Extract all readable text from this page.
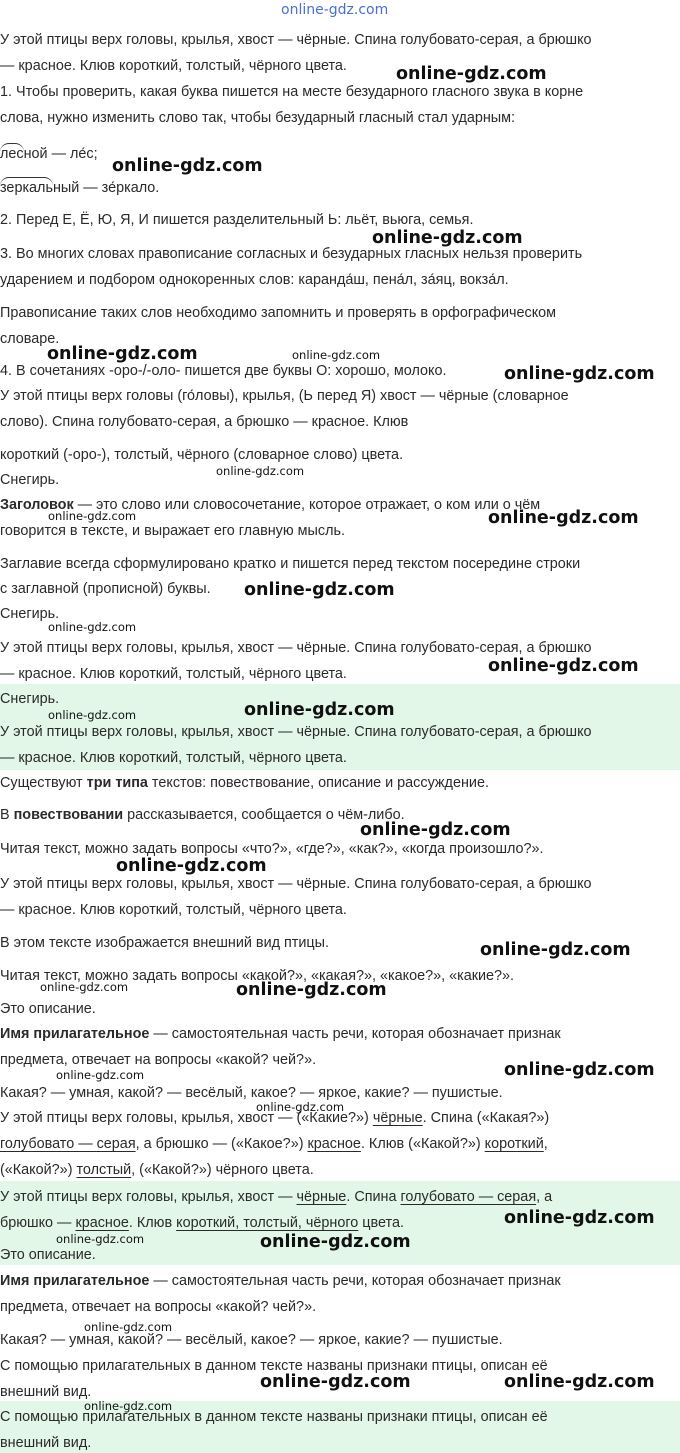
У этой птицы верх головы, крылья, хвост — чёрные. Спина голубовато-серая, а брюшко
— красное. Клюв короткий, толстый, чёрного цвета.
1. Чтобы проверить, какая буква пишется на месте безударного гласного звука в корне
слова, нужно изменить слово так, чтобы безударный гласный стал ударным:
лесной — ле́с;
зеркальный — зе́ркало.
2. Перед Е, Ё, Ю, Я, И пишется разделительный Ь: льёт, вьюга, семья.
3. Во многих словах правописание согласных и безударных гласных нельзя проверить
ударением и подбором однокоренных слов: каранда́ш, пена́л, за́яц, вокза́л.
Правописание таких слов необходимо запомнить и проверять в орфографическом
словаре.
4. В сочетаниях -оро-/-оло- пишется две буквы О: хорошо, молоко.
У этой птицы верх головы (го́ловы), крылья, (Ь перед Я) хвост — чёрные (словарное
слово). Спина голубовато-серая, а брюшко — красное. Клюв
короткий (-оро-), толстый, чёрного (словарное слово) цвета.
Снегирь.
Заголовок — это слово или словосочетание, которое отражает, о ком или о чём
говорится в тексте, и выражает его главную мысль.
Заглавие всегда сформулировано кратко и пишется перед текстом посередине строки
с заглавной (прописной) буквы.
Снегирь.
У этой птицы верх головы, крылья, хвост — чёрные. Спина голубовато-серая, а брюшко
— красное. Клюв короткий, толстый, чёрного цвета.
Снегирь.
У этой птицы верх головы, крылья, хвост — чёрные. Спина голубовато-серая, а брюшко
— красное. Клюв короткий, толстый, чёрного цвета.
Существуют три типа текстов: повествование, описание и рассуждение.
В повествовании рассказывается, сообщается о чём-либо.
Читая текст, можно задать вопросы «что?», «где?», «как?», «когда произошло?».
У этой птицы верх головы, крылья, хвост — чёрные. Спина голубовато-серая, а брюшко
— красное. Клюв короткий, толстый, чёрного цвета.
В этом тексте изображается внешний вид птицы.
Читая текст, можно задать вопросы «какой?», «какая?», «какое?», «какие?».
Это описание.
Имя прилагательное — самостоятельная часть речи, которая обозначает признак
предмета, отвечает на вопросы «какой? чей?».
Какая? — умная, какой? — весёлый, какое? — яркое, какие? — пушистые.
У этой птицы верх головы, крылья, хвост — («Какие?») чёрные. Спина («Какая?»)
голубовато — серая, а брюшко — («Какое?») красное. Клюв («Какой?») короткий,
(«Какой?») толстый, («Какой?») чёрного цвета.
У этой птицы верх головы, крылья, хвост — чёрные. Спина голубовато — серая, а
брюшко — красное. Клюв короткий, толстый, чёрного цвета.
Это описание.
Имя прилагательное — самостоятельная часть речи, которая обозначает признак
предмета, отвечает на вопросы «какой? чей?».
Какая? — умная, какой? — весёлый, какое? — яркое, какие? — пушистые.
С помощью прилагательных в данном тексте названы признаки птицы, описан её
внешний вид.
С помощью прилагательных в данном тексте названы признаки птицы, описан её
внешний вид.
online-gdz.com
online-gdz.com
online-gdz.com
online-gdz.com
online-gdz.com
online-gdz.com
online-gdz.com
online-gdz.com
online-gdz.com
online-gdz.com
online-gdz.com
online-gdz.com
online-gdz.com
online-gdz.com
online-gdz.com
online-gdz.com
online-gdz.com
online-gdz.com	online-gdz.com
online-gdz.com
online-gdz.com
online-gdz.com
online-gdz.com
online-gdz.com
online-gdz.com
online-gdz.com
online-gdz.com
online-gdz.com
online-gdz.com
online-gdz.com
